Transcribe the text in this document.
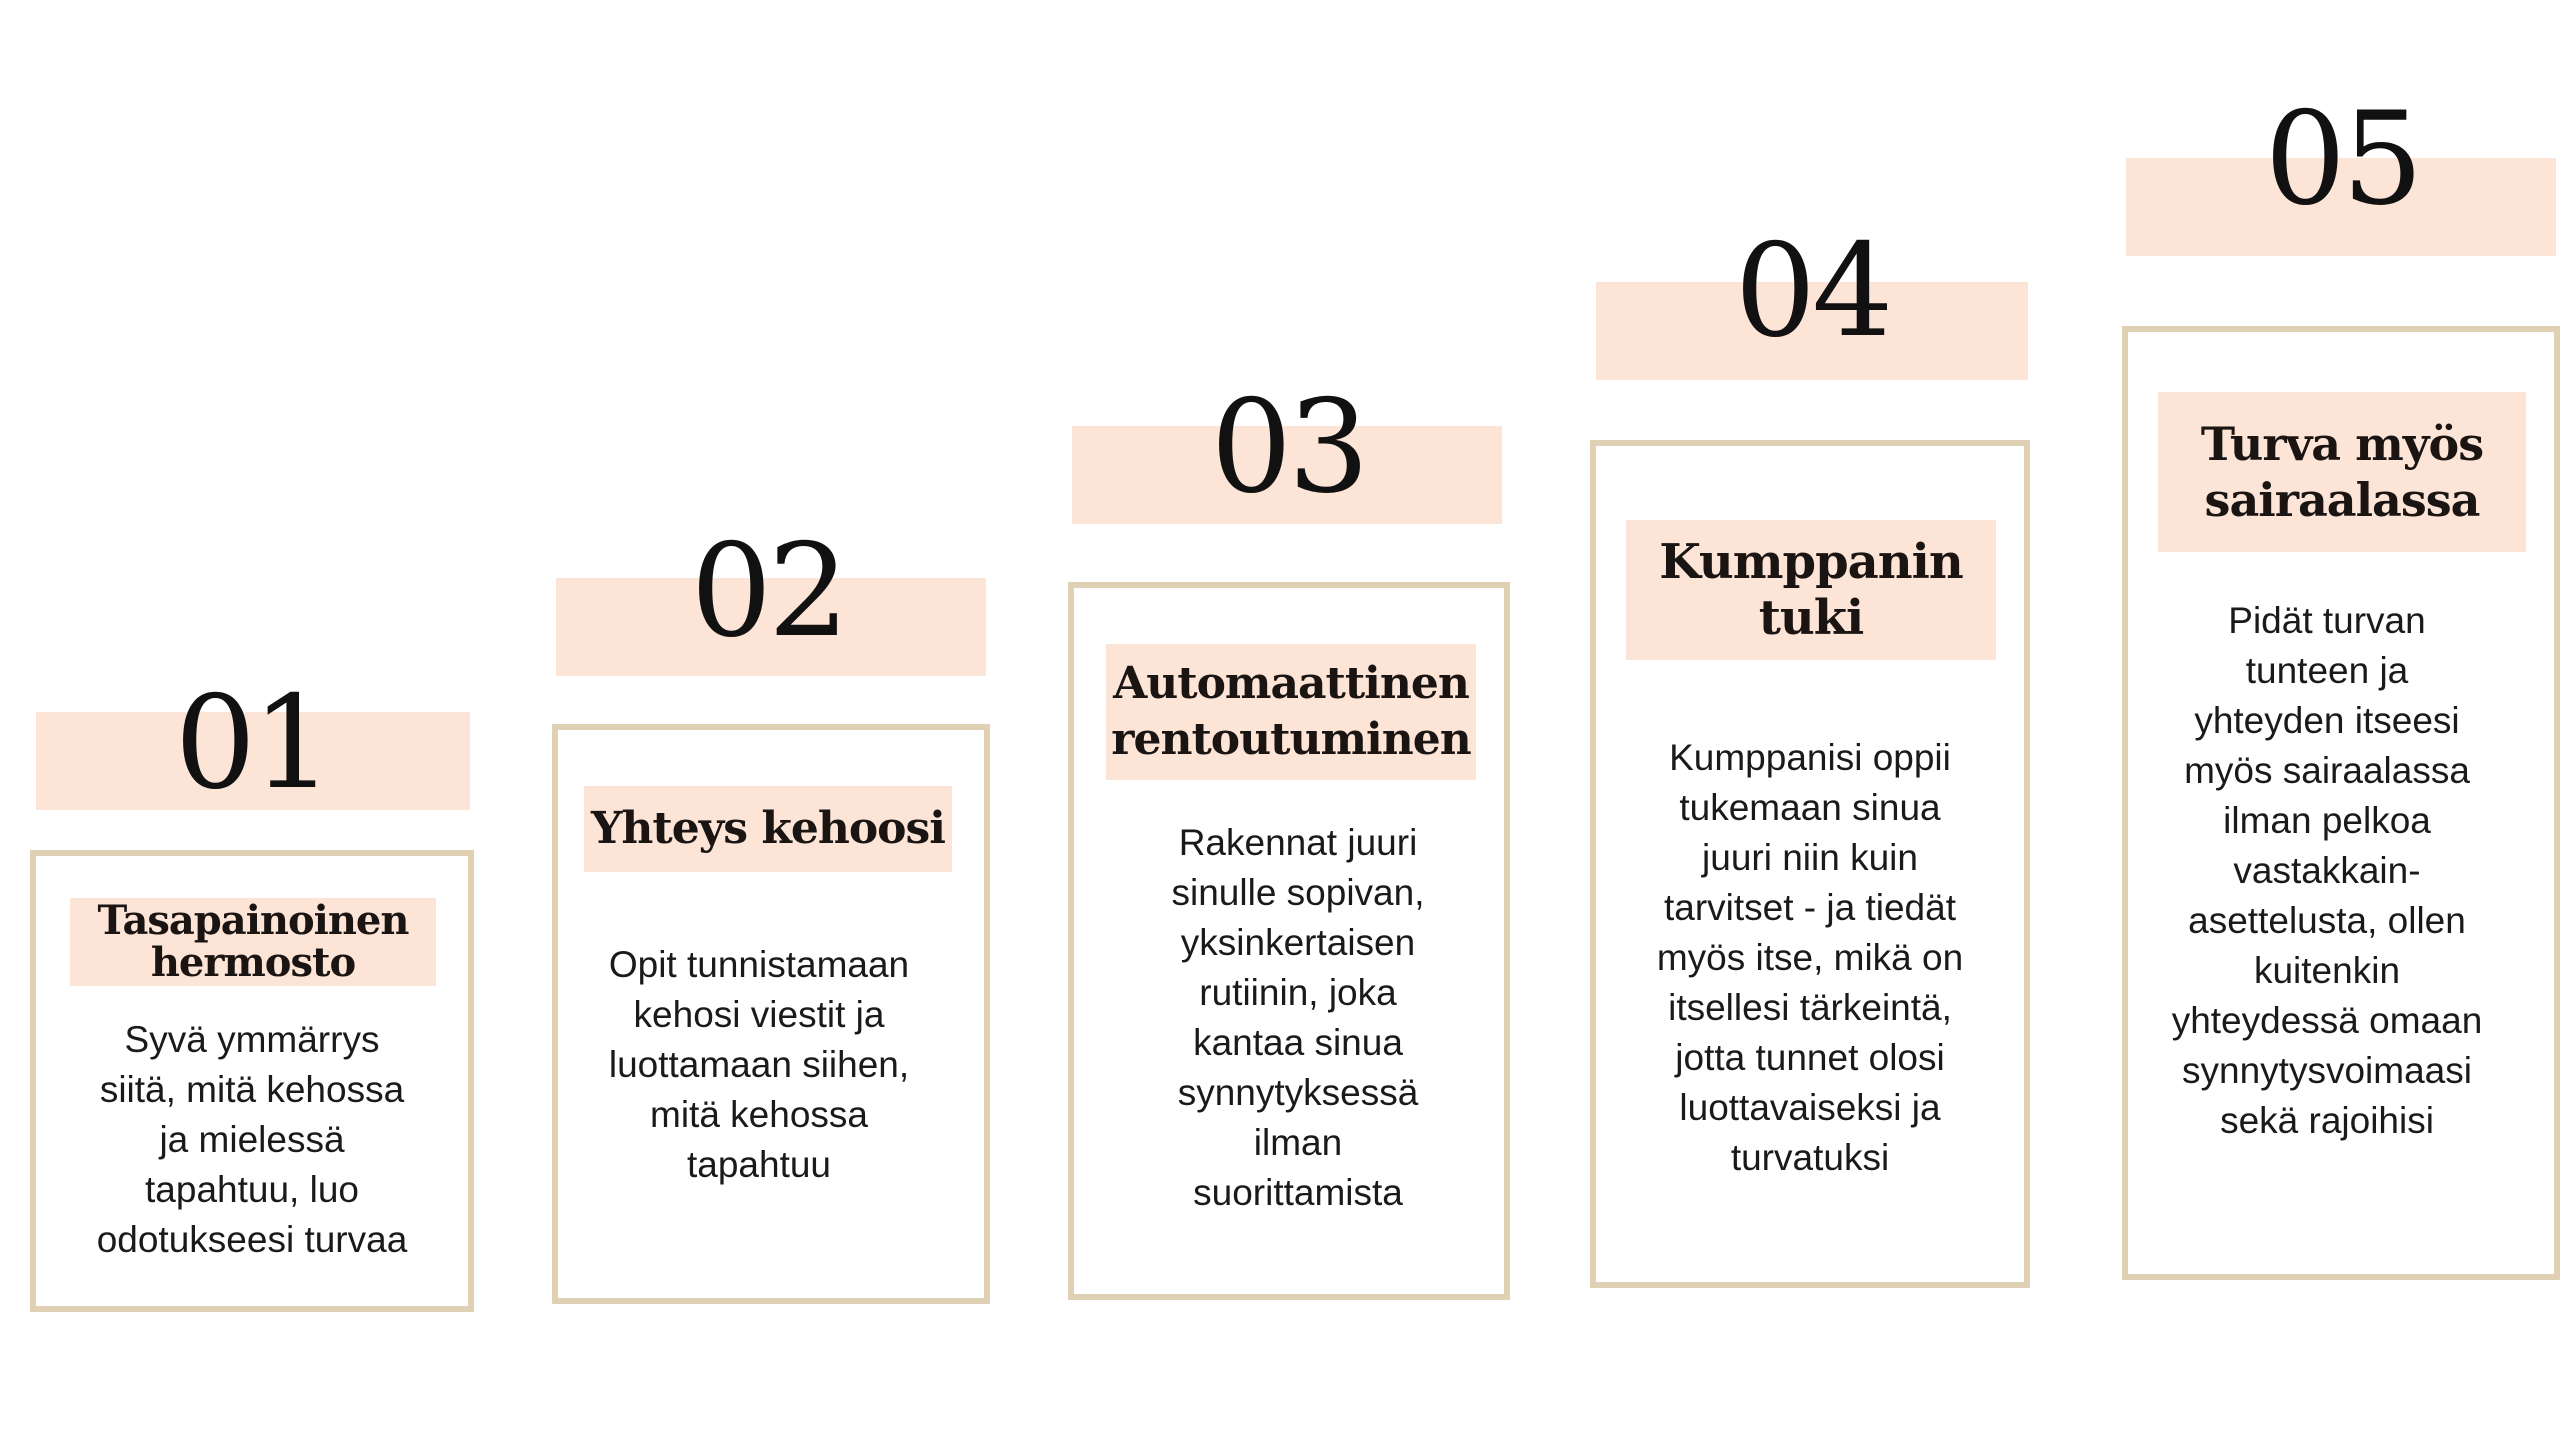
01
Tasapainoinen
hermosto
Syvä ymmärrys
siitä, mitä kehossa
ja mielessä
tapahtuu, luo
odotukseesi turvaa
02
Yhteys kehoosi
Opit tunnistamaan
kehosi viestit ja
luottamaan siihen,
mitä kehossa
tapahtuu
03
Automaattinen
rentoutuminen
Rakennat juuri
sinulle sopivan,
yksinkertaisen
rutiinin, joka
kantaa sinua
synnytyksessä
ilman
suorittamista
04
Kumppanin
tuki
Kumppanisi oppii
tukemaan sinua
juuri niin kuin
tarvitset - ja tiedät
myös itse, mikä on
itsellesi tärkeintä,
jotta tunnet olosi
luottavaiseksi ja
turvatuksi
05
Turva myös
sairaalassa
Pidät turvan
tunteen ja
yhteyden itseesi
myös sairaalassa
ilman pelkoa
vastakkain-
asettelusta, ollen
kuitenkin
yhteydessä omaan
synnytysvoimaasi
sekä rajoihisi
